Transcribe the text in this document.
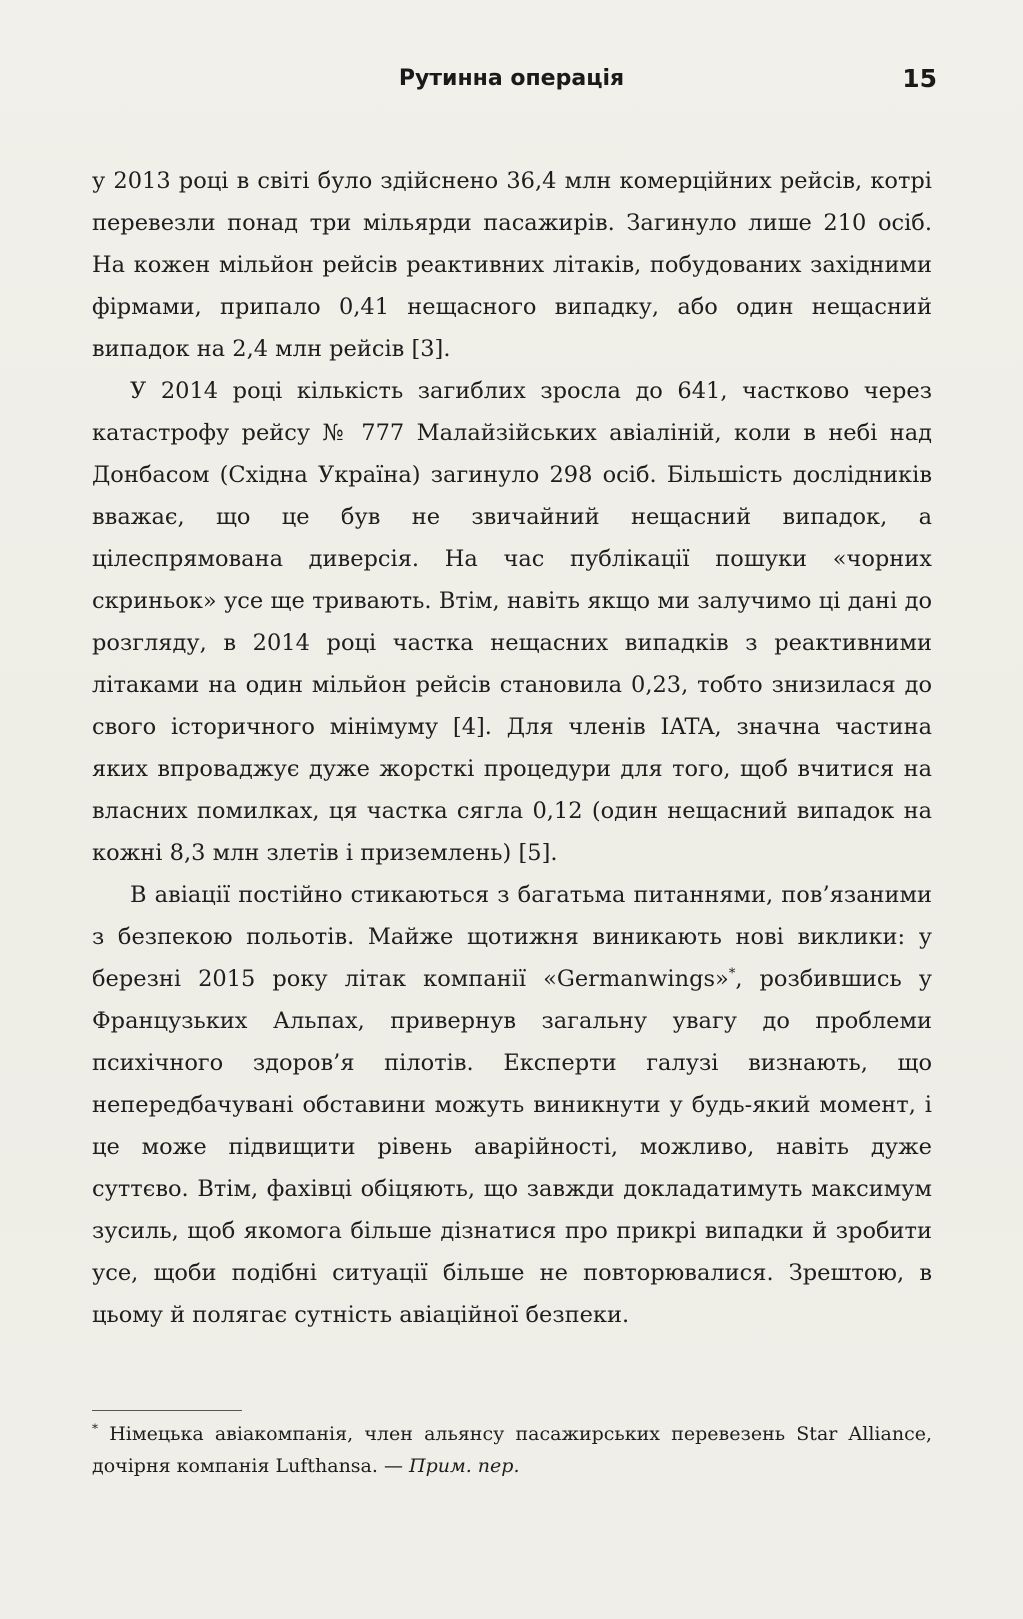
Рутинна операція	15

у 2013 році в світі було здійснено 36,4 млн комерційних рейсів, котрі перевезли понад три мільярди пасажирів. Загинуло лише 210 осіб. На кожен мільйон рейсів реактивних літаків, побудованих західними фірмами, припало 0,41 нещасного випадку, або один нещасний випадок на 2,4 млн рейсів [3].

У 2014 році кількість загиблих зросла до 641, частково через катастрофу рейсу № 777 Малайзійських авіаліній, коли в небі над Донбасом (Східна Україна) загинуло 298 осіб. Більшість дослідників вважає, що це був не звичайний нещасний випадок, а цілеспрямована диверсія. На час публікації пошуки «чорних скриньок» усе ще тривають. Втім, навіть якщо ми залучимо ці дані до розгляду, в 2014 році частка нещасних випадків з реактивними літаками на один мільйон рейсів становила 0,23, тобто знизилася до свого історичного мінімуму [4]. Для членів IATA, значна частина яких впроваджує дуже жорсткі процедури для того, щоб вчитися на власних помилках, ця частка сягла 0,12 (один нещасний випадок на кожні 8,3 млн злетів і приземлень) [5].

В авіації постійно стикаються з багатьма питаннями, пов’язаними з безпекою польотів. Майже щотижня виникають нові виклики: у березні 2015 року літак компанії «Germanwings»*, розбившись у Французьких Альпах, привернув загальну увагу до проблеми психічного здоров’я пілотів. Експерти галузі визнають, що непередбачувані обставини можуть виникнути у будь-який момент, і це може підвищити рівень аварійності, можливо, навіть дуже суттєво. Втім, фахівці обіцяють, що завжди докладатимуть максимум зусиль, щоб якомога більше дізнатися про прикрі випадки й зробити усе, щоби подібні ситуації більше не повторювалися. Зрештою, в цьому й полягає сутність авіаційної безпеки.

* Німецька авіакомпанія, член альянсу пасажирських перевезень Star Alliance, дочірня компанія Lufthansa. — Прим. пер.
